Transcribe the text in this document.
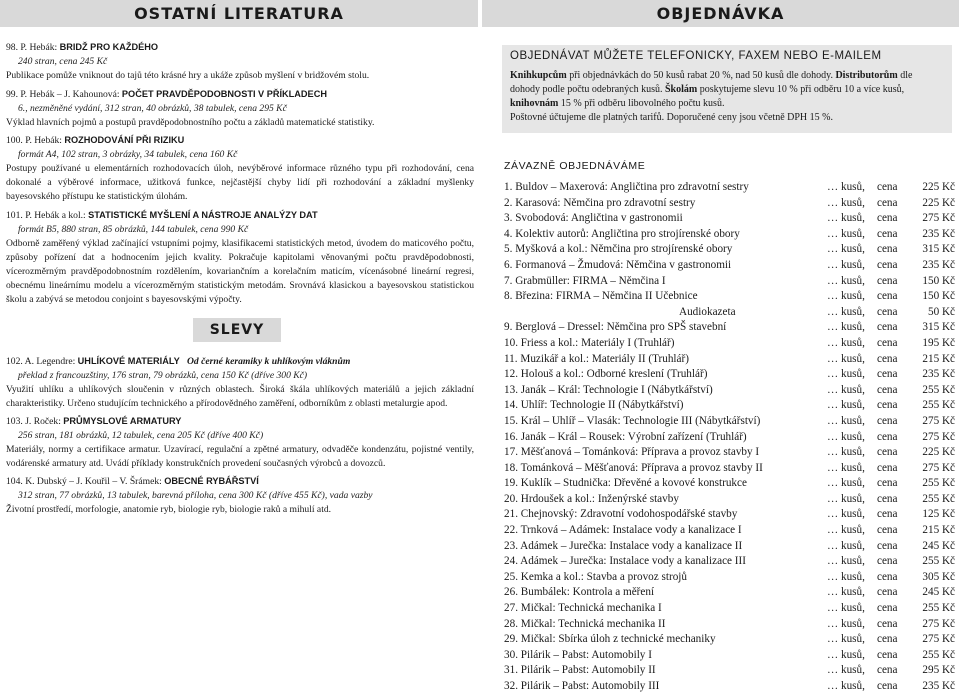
OSTATNÍ LITERATURA
98. P. Hebák: BRIDŽ PRO KAŽDÉHO
240 stran, cena 245 Kč
Publikace pomůže vniknout do tajů této krásné hry a ukáže způsob myšlení v bridžovém stolu.
99. P. Hebák – J. Kahounová: POČET PRAVDĚPODOBNOSTI V PŘÍKLADECH
6., nezměněné vydání, 312 stran, 40 obrázků, 38 tabulek, cena 295 Kč
Výklad hlavních pojmů a postupů pravděpodobnostního počtu a základů matematické statistiky.
100. P. Hebák: ROZHODOVÁNÍ PŘI RIZIKU
formát A4, 102 stran, 3 obrázky, 34 tabulek, cena 160 Kč
Postupy používané u elementárních rozhodovacích úloh, nevýběrové informace různého typu při rozhodování, cena dokonalé a výběrové informace, užitková funkce, nejčastější chyby lidí při rozhodování a základní myšlenky bayesovského přístupu ke statistickým úlohám.
101. P. Hebák a kol.: STATISTICKÉ MYŠLENÍ A NÁSTROJE ANALÝZY DAT
formát B5, 880 stran, 85 obrázků, 144 tabulek, cena 990 Kč
Odborně zaměřený výklad začínající vstupními pojmy, klasifikacemi statistických metod, úvodem do maticového počtu, způsoby pořízení dat a hodnocením jejich kvality. Pokračuje kapitolami věnovanými počtu pravděpodobnosti, vícerozměrným pravděpodobnostním rozdělením, kovariančním a korelačním maticím, vícenásobné lineární regresi, obecnému lineárnímu modelu a vícerozměrným statistickým metodám. Srovnává klasickou a bayesovskou statistickou školu a zabývá se metodou conjoint s bayesovskými výpočty.
SLEVY
102. A. Legendre: UHLÍKOVÉ MATERIÁLY Od černé keramiky k uhlíkovým vláknům
překlad z francouzštiny, 176 stran, 79 obrázků, cena 150 Kč (dříve 300 Kč)
Využití uhlíku a uhlíkových sloučenin v různých oblastech. Široká škála uhlíkových materiálů a jejich základní charakteristiky. Určeno studujícím technického a přírodovědného zaměření, odborníkům z oblasti metalurgie apod.
103. J. Roček: PRŮMYSLOVÉ ARMATURY
256 stran, 181 obrázků, 12 tabulek, cena 205 Kč (dříve 400 Kč)
Materiály, normy a certifikace armatur. Uzavírací, regulační a zpětné armatury, odvaděče kondenzátu, pojistné ventily, vodárenské armatury atd. Uvádí příklady konstrukčních provedení současných výrobců a dovozců.
104. K. Dubský – J. Kouřil – V. Šrámek: OBECNÉ RYBÁŘSTVÍ
312 stran, 77 obrázků, 13 tabulek, barevná příloha, cena 300 Kč (dříve 455 Kč), vada vazby
Životní prostředí, morfologie, anatomie ryb, biologie ryb, biologie raků a mihulí atd.
OBJEDNÁVKA
OBJEDNÁVAT MŮŽETE TELEFONICKY, FAXEM NEBO E-MAILEM
Knihkupcům při objednávkách do 50 kusů rabat 20 %, nad 50 kusů dle dohody. Distributorům dle dohody podle počtu odebraných kusů. Školám poskytujeme slevu 10 % při odběru 10 a více kusů, knihovnám 15 % při odběru libovolného počtu kusů.
Poštovné účtujeme dle platných tarifů. Doporučené ceny jsou včetně DPH 15 %.
ZÁVAZNĚ OBJEDNÁVÁME
1. Buldov – Maxerová: Angličtina pro zdravotní sestry	… kusů, cena 225 Kč
2. Karasová: Němčina pro zdravotní sestry	… kusů, cena 225 Kč
3. Svobodová: Angličtina v gastronomii	… kusů, cena 275 Kč
4. Kolektiv autorů: Angličtina pro strojírenské obory	… kusů, cena 235 Kč
5. Myšková a kol.: Němčina pro strojírenské obory	… kusů, cena 315 Kč
6. Formanová – Žmudová: Němčina v gastronomii	… kusů, cena 235 Kč
7. Grabmüller: FIRMA – Němčina I	… kusů, cena 150 Kč
8. Březina: FIRMA – Němčina II Učebnice	… kusů, cena 150 Kč
Audiokazeta	… kusů, cena	50 Kč
9. Berglová – Dressel: Němčina pro SPŠ stavební	… kusů, cena 315 Kč
10. Friess a kol.: Materiály I (Truhlář)	… kusů, cena 195 Kč
11. Muzikář a kol.: Materiály II (Truhlář)	… kusů, cena 215 Kč
12. Holouš a kol.: Odborné kreslení (Truhlář)	… kusů, cena 235 Kč
13. Janák – Král: Technologie I (Nábytkářství)	… kusů, cena 255 Kč
14. Uhlíř: Technologie II (Nábytkářství)	… kusů, cena 255 Kč
15. Král – Uhlíř – Vlasák: Technologie III (Nábytkářství)	… kusů, cena 275 Kč
16. Janák – Král – Rousek: Výrobní zařízení (Truhlář)	… kusů, cena 275 Kč
17. Měšťanová – Tománková: Příprava a provoz stavby I	… kusů, cena 225 Kč
18. Tománková – Měšťanová: Příprava a provoz stavby II	… kusů, cena 275 Kč
19. Kuklík – Studnička: Dřevěné a kovové konstrukce	… kusů, cena 255 Kč
20. Hrdoušek a kol.: Inženýrské stavby	… kusů, cena 255 Kč
21. Chejnovský: Zdravotní vodohospodářské stavby	… kusů, cena 125 Kč
22. Trnková – Adámek: Instalace vody a kanalizace I	… kusů, cena 215 Kč
23. Adámek – Jurečka: Instalace vody a kanalizace II	… kusů, cena 245 Kč
24. Adámek – Jurečka: Instalace vody a kanalizace III	… kusů, cena 255 Kč
25. Kemka a kol.: Stavba a provoz strojů	… kusů, cena 305 Kč
26. Bumbálek: Kontrola a měření	… kusů, cena 245 Kč
27. Mičkal: Technická mechanika I	… kusů, cena 255 Kč
28. Mičkal: Technická mechanika II	… kusů, cena 275 Kč
29. Mičkal: Sbírka úloh z technické mechaniky	… kusů, cena 275 Kč
30. Pilárik – Pabst: Automobily I	… kusů, cena 255 Kč
31. Pilárik – Pabst: Automobily II	… kusů, cena 295 Kč
32. Pilárik – Pabst: Automobily III	… kusů, cena 235 Kč
